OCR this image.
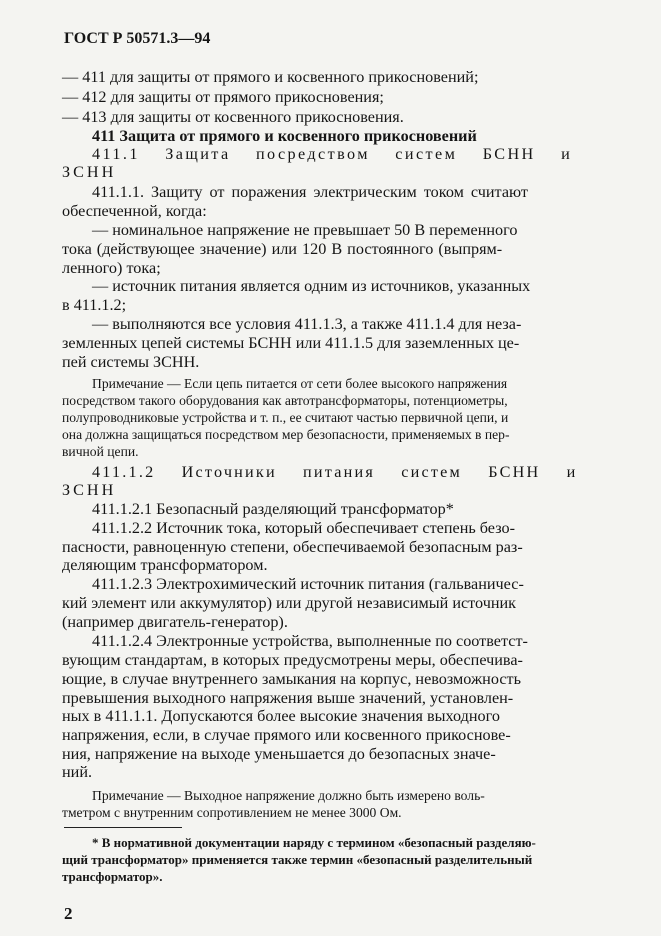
ГОСТ Р 50571.3—94
— 411 для защиты от прямого и косвенного прикосновений;
— 412 для защиты от прямого прикосновения;
— 413 для защиты от косвенного прикосновения.
411 Защита от прямого и косвенного прикосновений
411.1 Защита посредством систем БСНН и
ЗСНН
411.1.1. Защиту от поражения электрическим током считают
обеспеченной, когда:
— номинальное напряжение не превышает 50 В переменного
тока (действующее значение) или 120 В постоянного (выпрям-
ленного) тока;
— источник питания является одним из источников, указанных
в 411.1.2;
— выполняются все условия 411.1.3, а также 411.1.4 для неза-
земленных цепей системы БСНН или 411.1.5 для заземленных це-
пей системы ЗСНН.
Примечание — Если цепь питается от сети более высокого напряжения
посредством такого оборудования как автотрансформаторы, потенциометры,
полупроводниковые устройства и т. п., ее считают частью первичной цепи, и
она должна защищаться посредством мер безопасности, применяемых в пер-
вичной цепи.
411.1.2 Источники питания систем БСНН и
ЗСНН
411.1.2.1 Безопасный разделяющий трансформатор*
411.1.2.2 Источник тока, который обеспечивает степень безо-
пасности, равноценную степени, обеспечиваемой безопасным раз-
деляющим трансформатором.
411.1.2.3 Электрохимический источник питания (гальваничес-
кий элемент или аккумулятор) или другой независимый источник
(например двигатель-генератор).
411.1.2.4 Электронные устройства, выполненные по соответст-
вующим стандартам, в которых предусмотрены меры, обеспечива-
ющие, в случае внутреннего замыкания на корпус, невозможность
превышения выходного напряжения выше значений, установлен-
ных в 411.1.1. Допускаются более высокие значения выходного
напряжения, если, в случае прямого или косвенного прикоснове-
ния, напряжение на выходе уменьшается до безопасных значе-
ний.
Примечание — Выходное напряжение должно быть измерено воль-
тметром с внутренним сопротивлением не менее 3000 Ом.
* В нормативной документации наряду с термином «безопасный разделяю-
щий трансформатор» применяется также термин «безопасный разделительный
трансформатор».
2
